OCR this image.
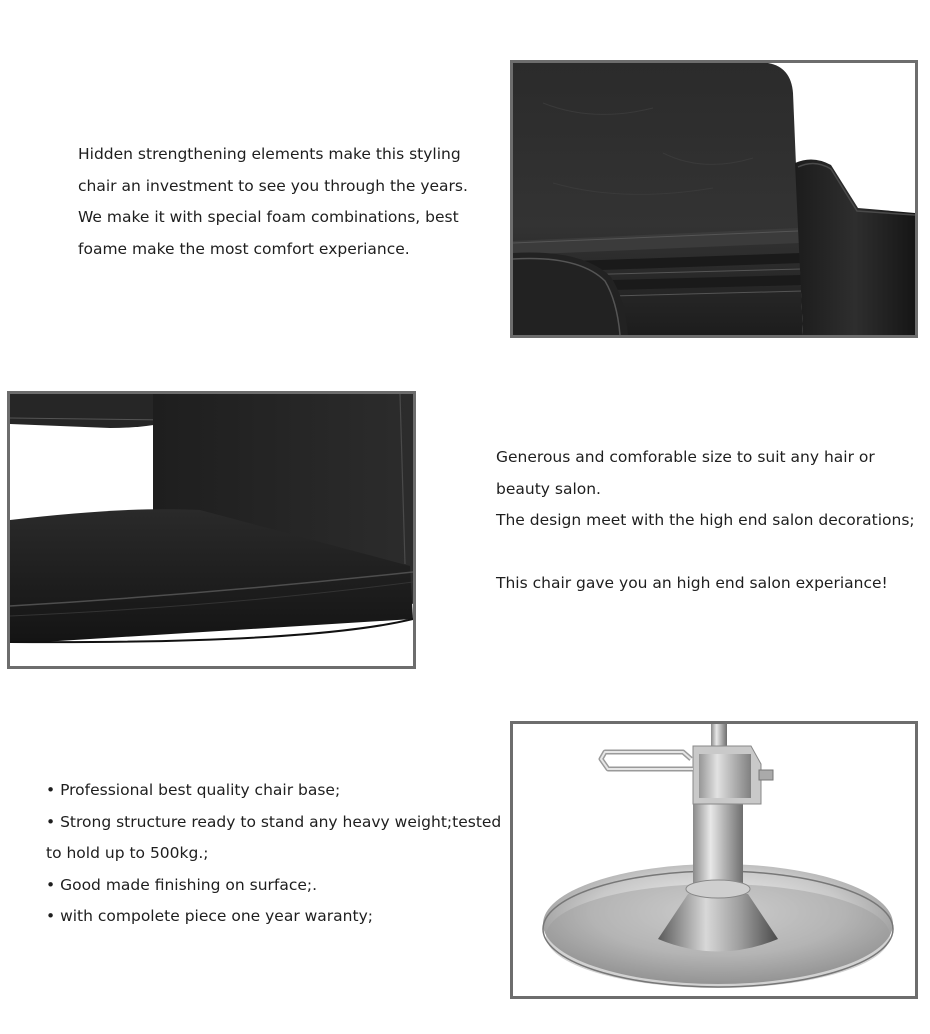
Hidden strengthening elements make this styling

chair an investment to see you through the years.

We make it with special foam combinations, best

foame make the most comfort experiance.

Generous and comforable size to suit any hair or

beauty salon.

The design meet with the high end salon decorations;

This chair gave you an high end salon experiance!

• Professional best quality chair base;

• Strong structure ready to stand any heavy weight;tested

to hold up to 500kg.;

• Good made finishing on surface;.

• with compolete piece one year waranty;
